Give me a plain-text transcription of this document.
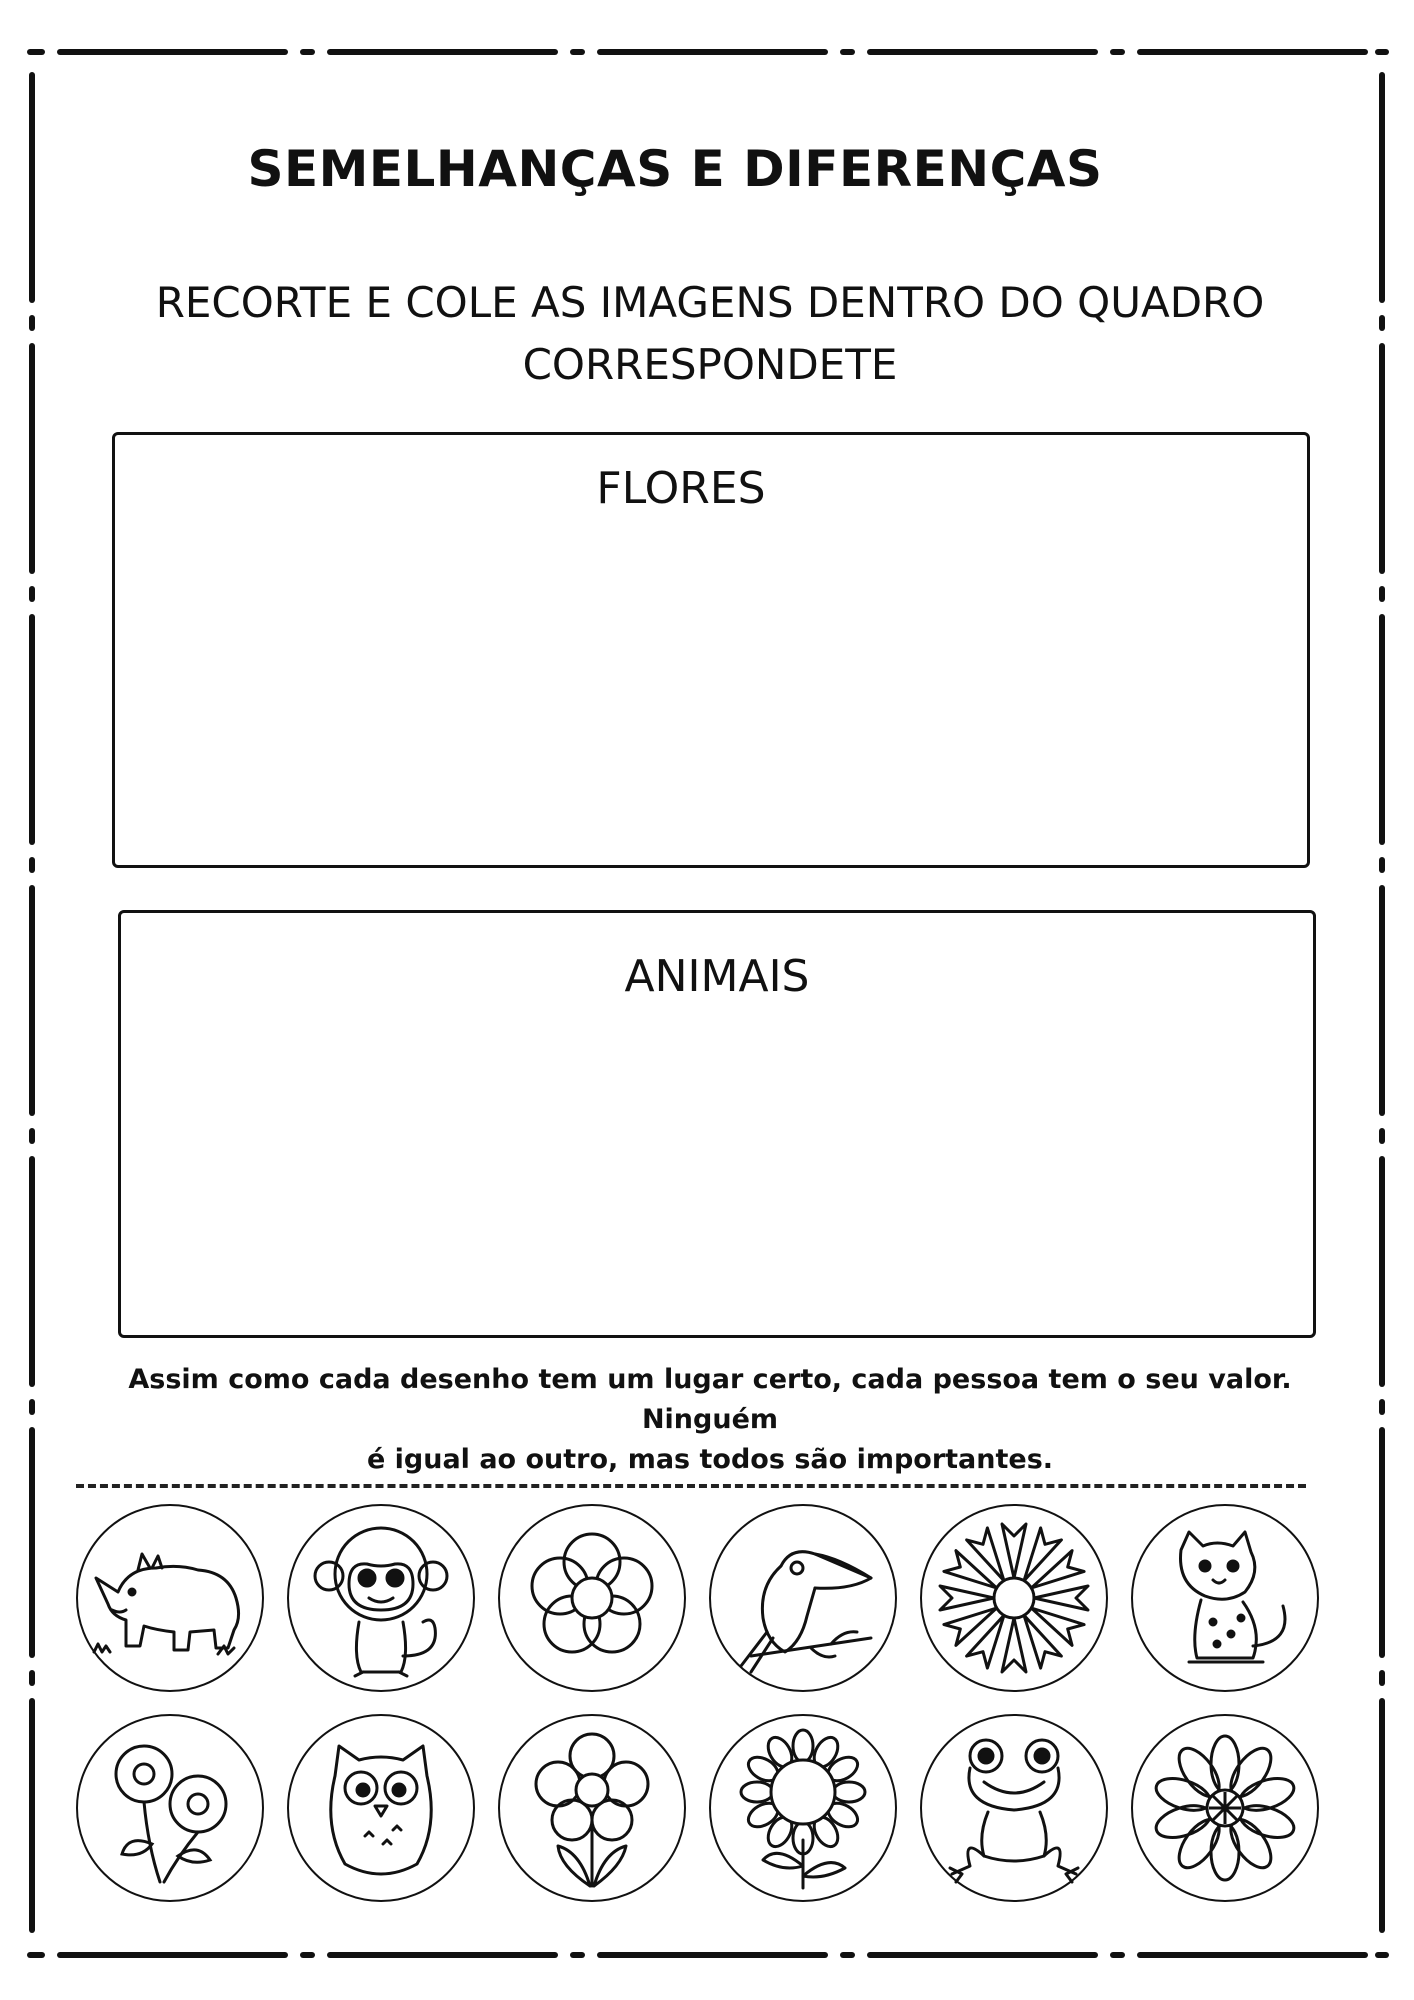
SEMELHANÇAS E DIFERENÇAS
RECORTE E COLE AS IMAGENS DENTRO DO QUADRO
CORRESPONDETE
FLORES
ANIMAIS
Assim como cada desenho tem um lugar certo, cada pessoa tem o seu valor. Ninguém
é igual ao outro, mas todos são importantes.
